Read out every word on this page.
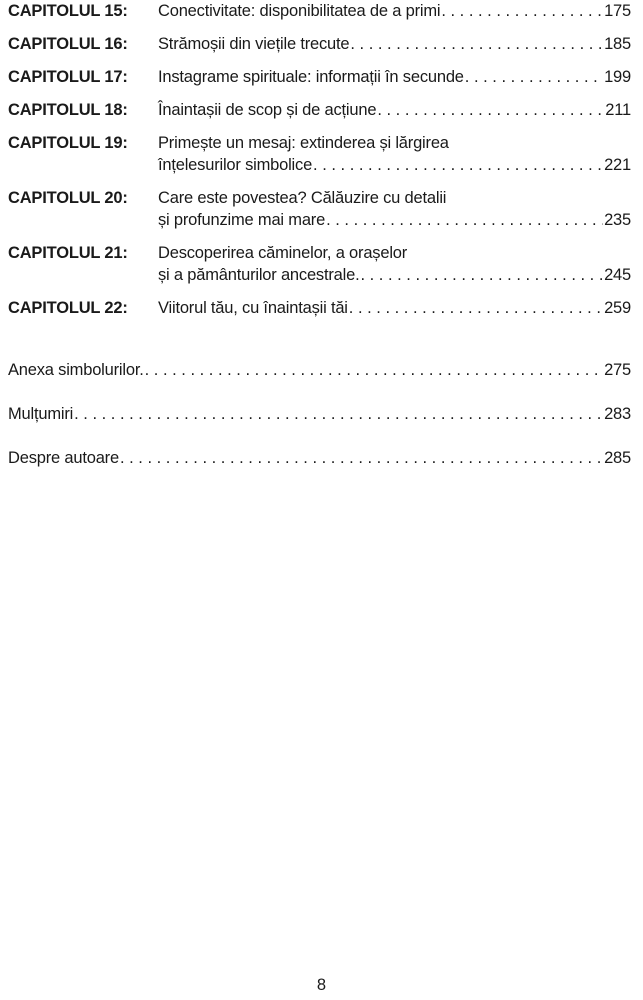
CAPITOLUL 15:	Conectivitate: disponibilitatea de a primi . . .	175
CAPITOLUL 16:	Strămoșii din viețile trecute . . .	185
CAPITOLUL 17:	Instagrame spirituale: informații în secunde . . .	199
CAPITOLUL 18:	Înaintașii de scop și de acțiune . . .	211
CAPITOLUL 19:	Primește un mesaj: extinderea și lărgirea
înțelesurilor simbolice . . .	221
CAPITOLUL 20:	Care este povestea? Călăuzire cu detalii
și profunzime mai mare . . .	235
CAPITOLUL 21:	Descoperirea căminelor, a orașelor
și a pământurilor ancestrale. . . .	245
CAPITOLUL 22:	Viitorul tău, cu înaintașii tăi . . .	259
Anexa simbolurilor. . . .	275
Mulțumiri . . .	283
Despre autoare . . .	285
8
